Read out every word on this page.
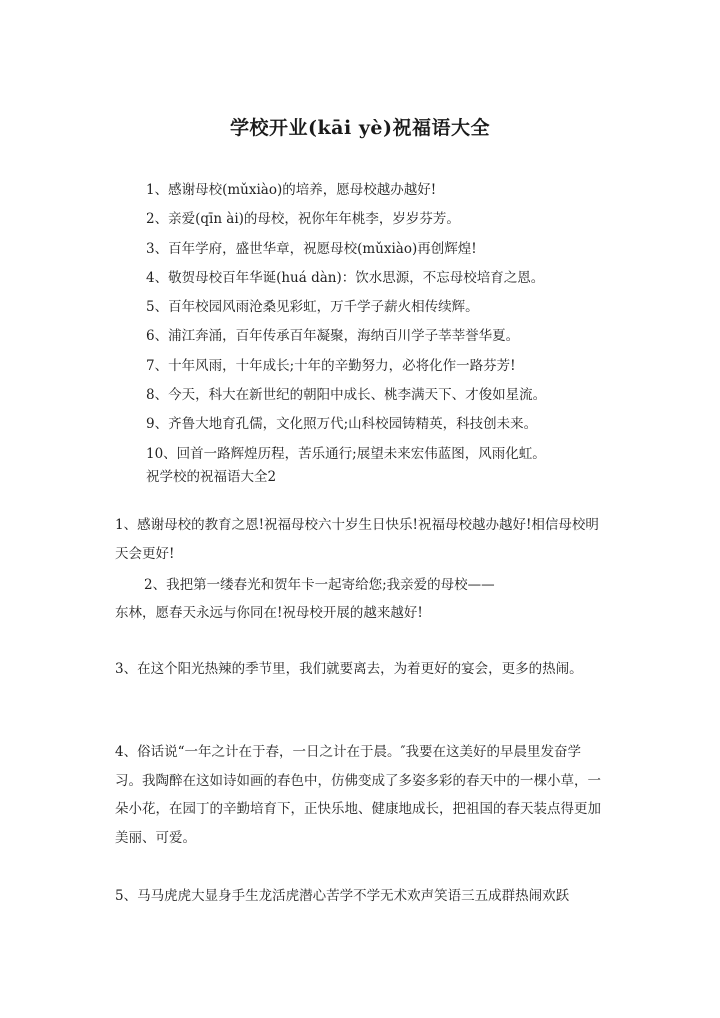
学校开业(kāi yè)祝福语大全
1、感谢母校(mǔxiào)的培养，愿母校越办越好!
2、亲爱(qīn ài)的母校，祝你年年桃李，岁岁芬芳。
3、百年学府，盛世华章，祝愿母校(mǔxiào)再创辉煌!
4、敬贺母校百年华诞(huá dàn)：饮水思源，不忘母校培育之恩。
5、百年校园风雨沧桑见彩虹，万千学子薪火相传续辉。
6、浦江奔涌，百年传承百年凝聚，海纳百川学子莘莘誉华夏。
7、十年风雨，十年成长;十年的辛勤努力，必将化作一路芬芳!
8、今天，科大在新世纪的朝阳中成长、桃李满天下、才俊如星流。
9、齐鲁大地育孔儒，文化照万代;山科校园铸精英，科技创未来。
10、回首一路辉煌历程，苦乐通行;展望未来宏伟蓝图，风雨化虹。
祝学校的祝福语大全2
1、感谢母校的教育之恩!祝福母校六十岁生日快乐!祝福母校越办越好!相信母校明天会更好!
2、我把第一缕春光和贺年卡一起寄给您;我亲爱的母校——
东林，愿春天永远与你同在!祝母校开展的越来越好!
3、在这个阳光热辣的季节里，我们就要离去，为着更好的宴会，更多的热闹。
4、俗话说“一年之计在于春，一日之计在于晨。″我要在这美好的早晨里发奋学习。我陶醉在这如诗如画的春色中，仿佛变成了多姿多彩的春天中的一棵小草，一朵小花，在园丁的辛勤培育下，正快乐地、健康地成长，把祖国的春天装点得更加美丽、可爱。
5、马马虎虎大显身手生龙活虎潜心苦学不学无术欢声笑语三五成群热闹欢跃
